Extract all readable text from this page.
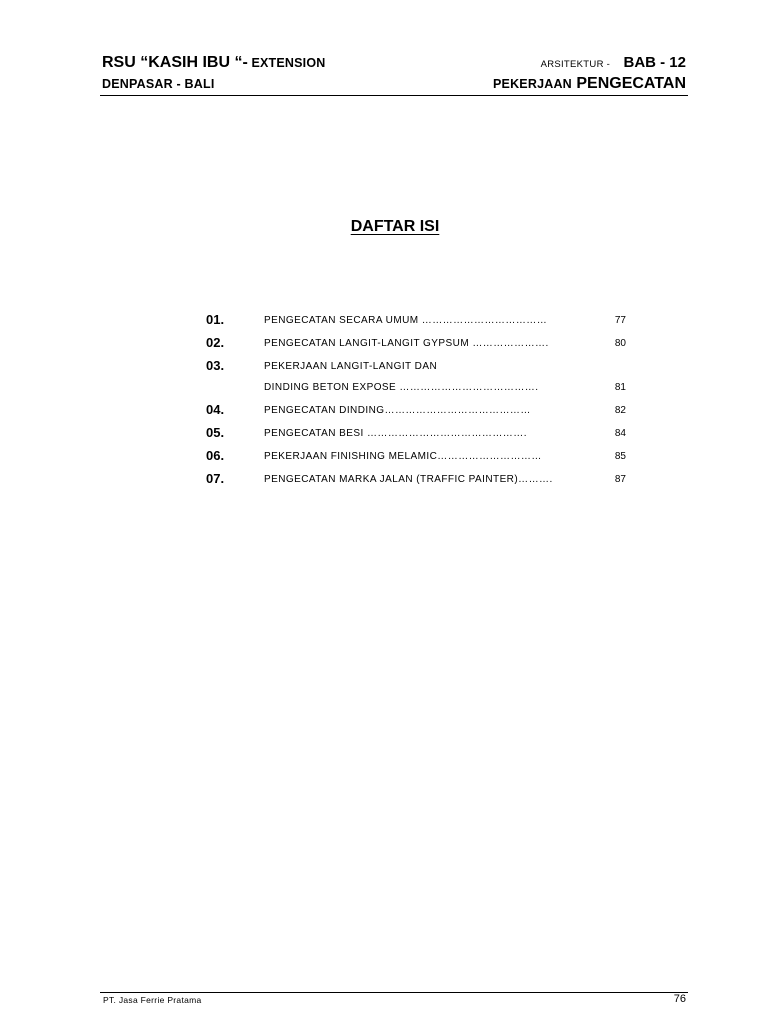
RSU “KASIH IBU “- EXTENSION
DENPASAR - BALI
ARSITEKTUR - BAB - 12
PEKERJAAN PENGECATAN
DAFTAR ISI
01.	PENGECATAN SECARA UMUM ………………………………	77
02.	PENGECATAN LANGIT-LANGIT GYPSUM ………………….	80
03.	PEKERJAAN LANGIT-LANGIT DAN
DINDING BETON EXPOSE ………………………………….	81
04.	PENGECATAN DINDING……………………………………	82
05.	PENGECATAN BESI ……………………………………….	84
06.	PEKERJAAN FINISHING MELAMIC…………………………	85
07.	PENGECATAN MARKA JALAN (TRAFFIC PAINTER)……….	87
PT. Jasa Ferrie Pratama	76
